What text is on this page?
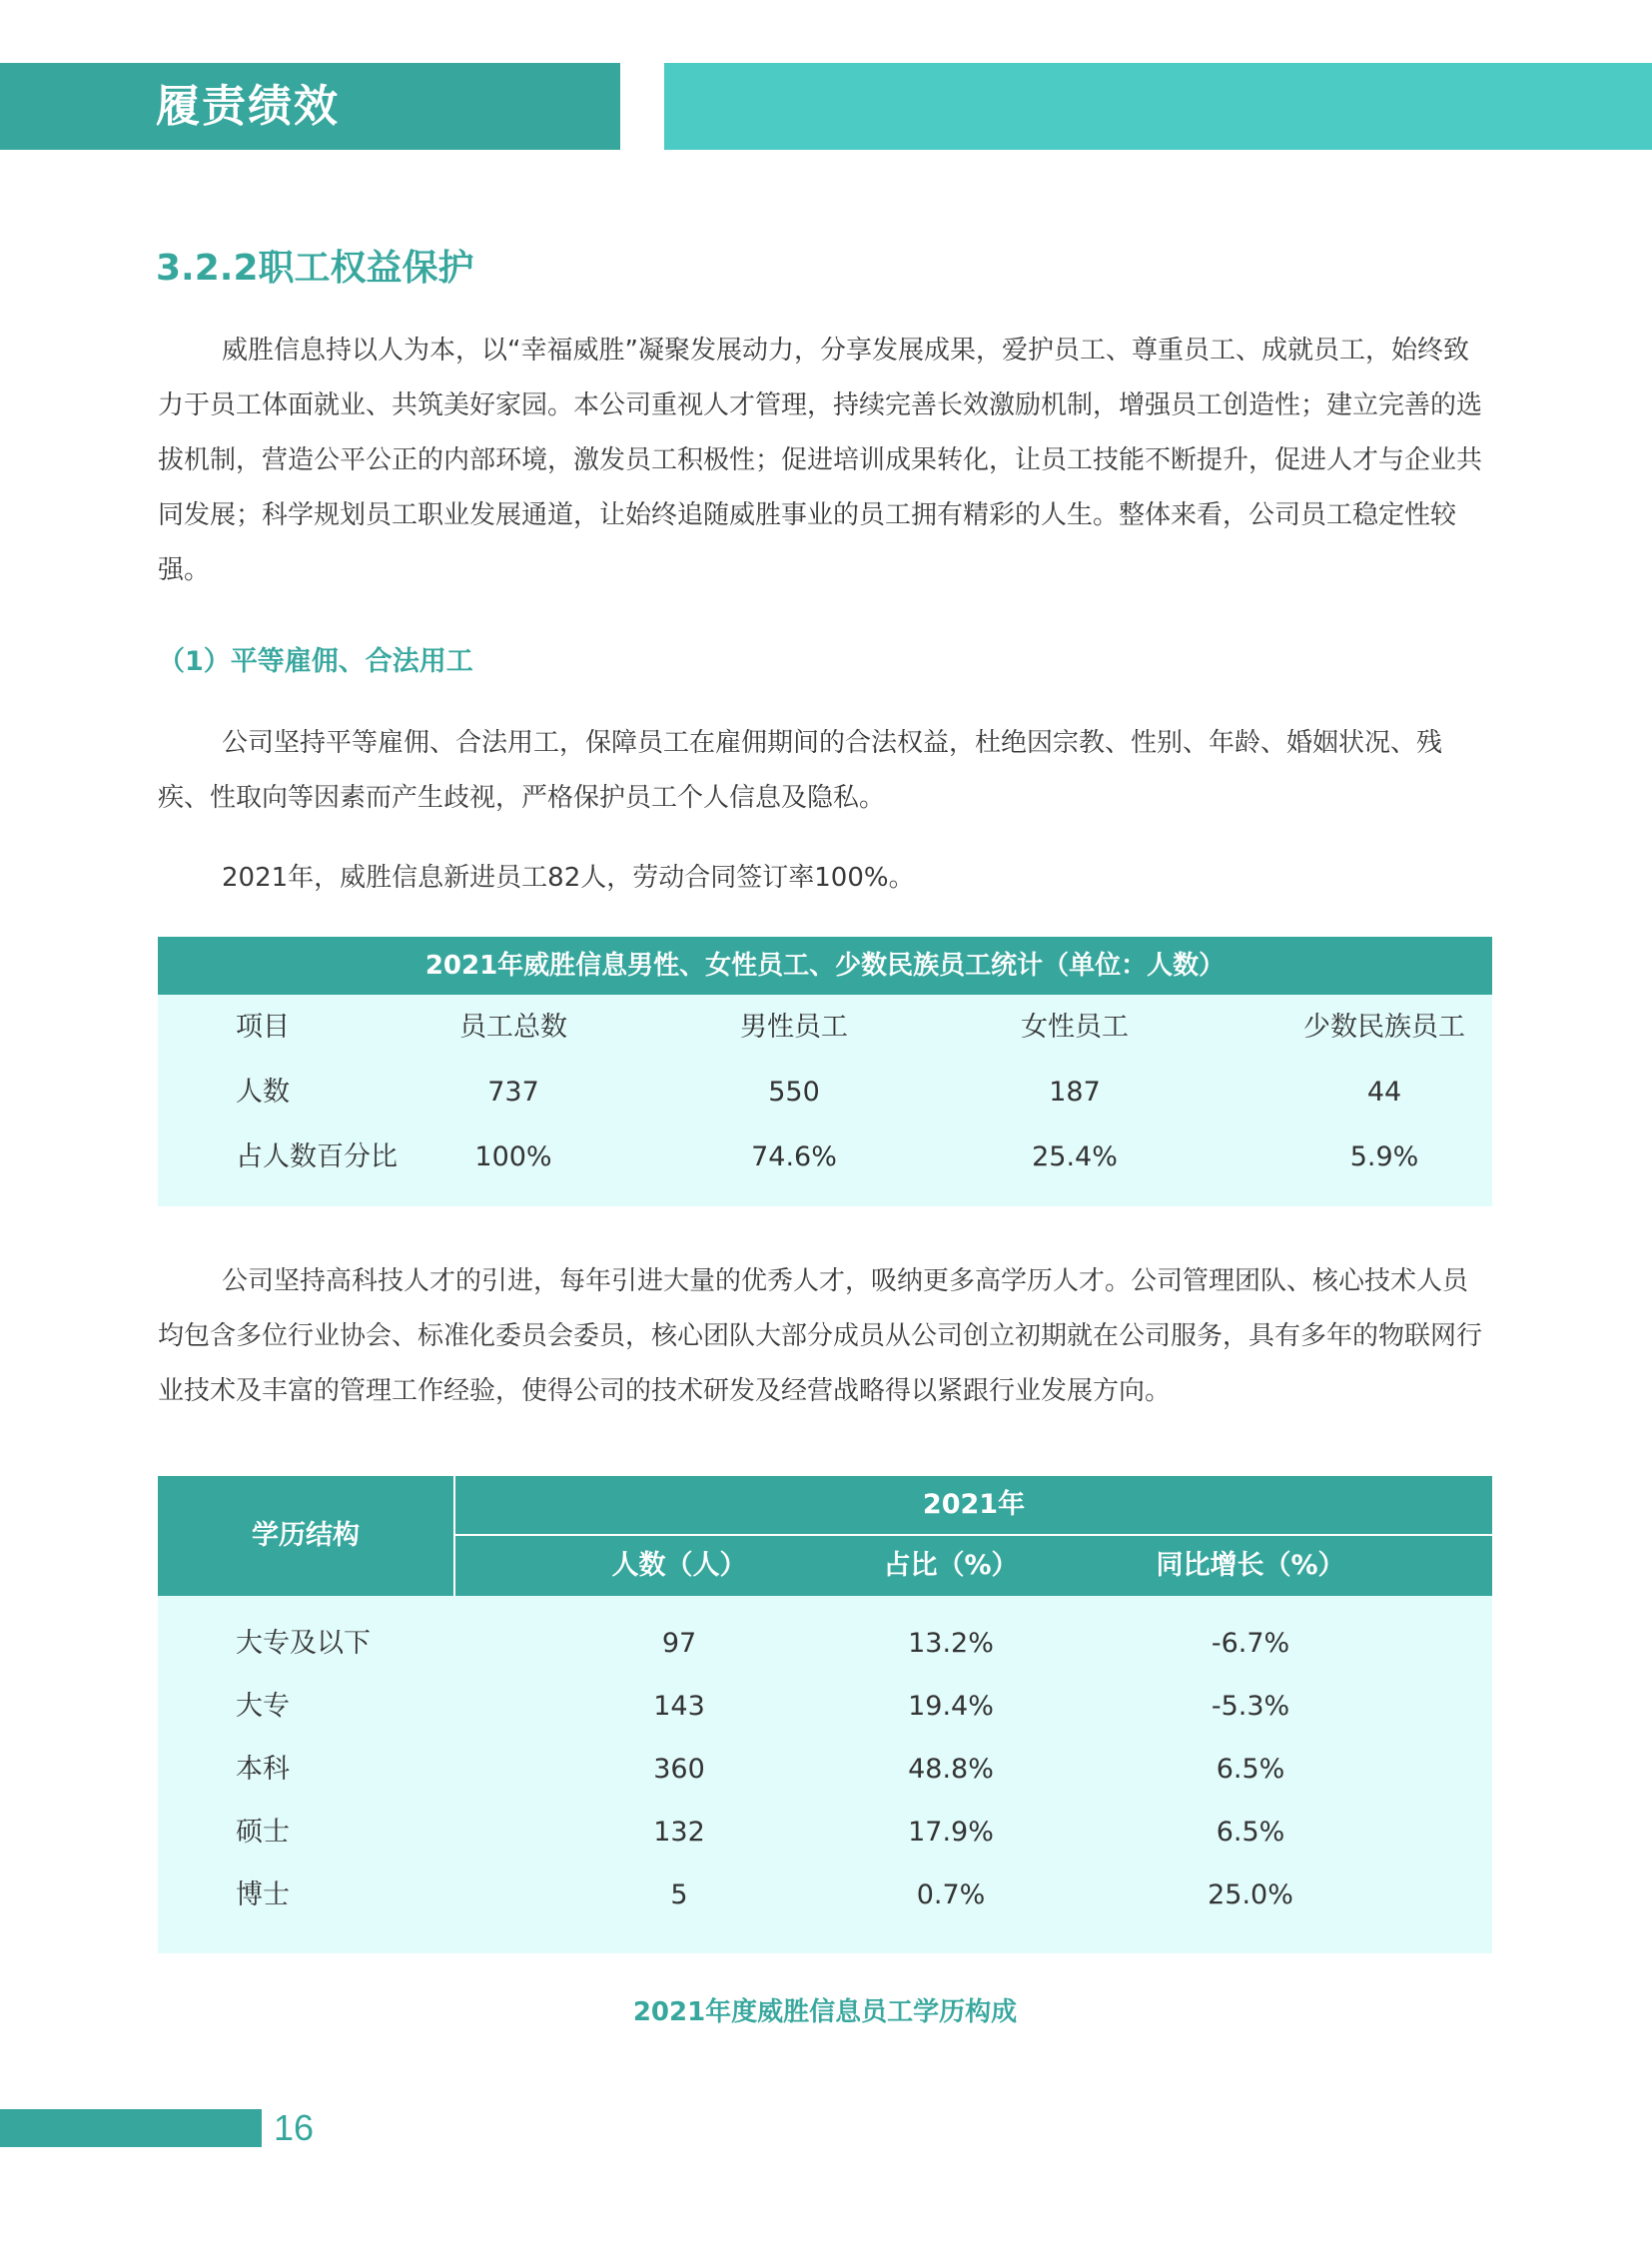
履责绩效
3.2.2职工权益保护

威胜信息持以人为本，以“幸福威胜”凝聚发展动力，分享发展成果，爱护员工、尊重员工、成就员工，始终致力于员工体面就业、共筑美好家园。本公司重视人才管理，持续完善长效激励机制，增强员工创造性；建立完善的选拔机制，营造公平公正的内部环境，激发员工积极性；促进培训成果转化，让员工技能不断提升，促进人才与企业共同发展；科学规划员工职业发展通道，让始终追随威胜事业的员工拥有精彩的人生。整体来看，公司员工稳定性较强。

（1）平等雇佣、合法用工

公司坚持平等雇佣、合法用工，保障员工在雇佣期间的合法权益，杜绝因宗教、性别、年龄、婚姻状况、残疾、性取向等因素而产生歧视，严格保护员工个人信息及隐私。

2021年，威胜信息新进员工82人，劳动合同签订率100%。

2021年威胜信息男性、女性员工、少数民族员工统计（单位：人数）
项目	员工总数	男性员工	女性员工	少数民族员工
人数	737	550	187	44
占人数百分比	100%	74.6%	25.4%	5.9%

公司坚持高科技人才的引进，每年引进大量的优秀人才，吸纳更多高学历人才。公司管理团队、核心技术人员均包含多位行业协会、标准化委员会委员，核心团队大部分成员从公司创立初期就在公司服务，具有多年的物联网行业技术及丰富的管理工作经验，使得公司的技术研发及经营战略得以紧跟行业发展方向。

学历结构
2021年
人数（人）	占比（%）	同比增长（%）
大专及以下	97	13.2%	-6.7%
大专	143	19.4%	-5.3%
本科	360	48.8%	6.5%
硕士	132	17.9%	6.5%
博士	5	0.7%	25.0%

2021年度威胜信息员工学历构成

16
